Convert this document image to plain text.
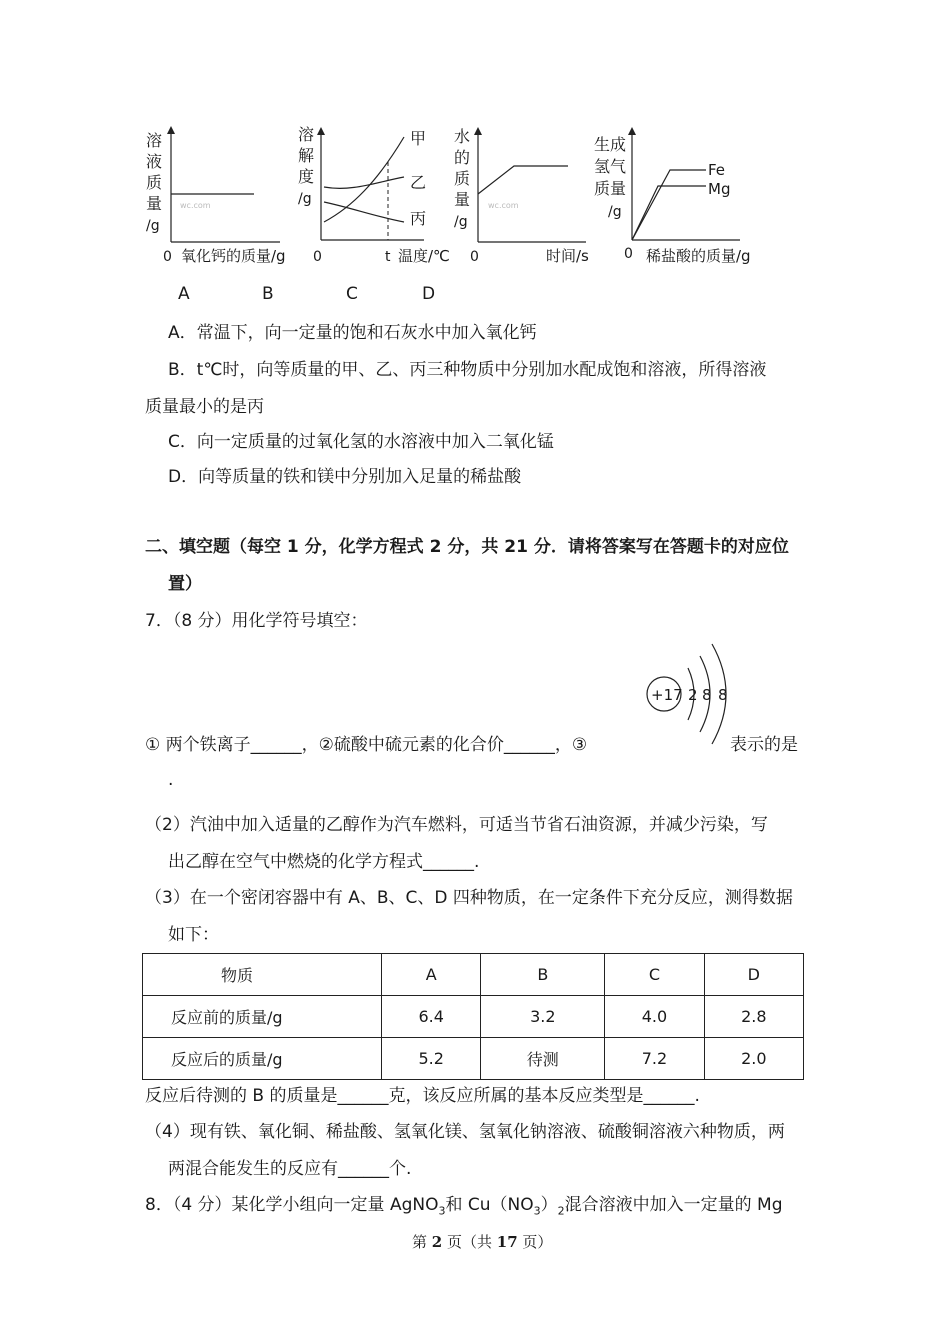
溶
液
质
量
/g
wc.com
0 氧化钙的质量/g
溶
解
度
/g
甲
乙
丙
0	t 温度/℃
水
的
质
量
/g
wc.com
0	时间/s
生成
氢气
质量
/g
Fe
Mg
0 稀盐酸的质量/g
A	B	C	D
A．常温下，向一定量的饱和石灰水中加入氧化钙
B．t℃时，向等质量的甲、乙、丙三种物质中分别加水配成饱和溶液，所得溶液
质量最小的是丙
C．向一定质量的过氧化氢的水溶液中加入二氧化锰
D．向等质量的铁和镁中分别加入足量的稀盐酸
二、填空题（每空 1 分，化学方程式 2 分，共 21 分．请将答案写在答题卡的对应位
置）
7．（8 分）用化学符号填空：
+17 2 8 8
① 两个铁离子______，②硫酸中硫元素的化合价______，③	表示的是
.
（2）汽油中加入适量的乙醇作为汽车燃料，可适当节省石油资源，并减少污染，写
出乙醇在空气中燃烧的化学方程式______.
（3）在一个密闭容器中有 A、B、C、D 四种物质，在一定条件下充分反应，测得数据
如下：
物质	A	B	C	D
反应前的质量/g	6.4	3.2	4.0	2.8
反应后的质量/g	5.2	待测	7.2	2.0
反应后待测的 B 的质量是______克，该反应所属的基本反应类型是______.
（4）现有铁、氧化铜、稀盐酸、氢氧化镁、氢氧化钠溶液、硫酸铜溶液六种物质，两
两混合能发生的反应有______个.
8．（4 分）某化学小组向一定量 AgNO$_3$和 $Cu(NO_3)_2$混合溶液中加入一定量的 Mg
第 2 页（共 17 页）
